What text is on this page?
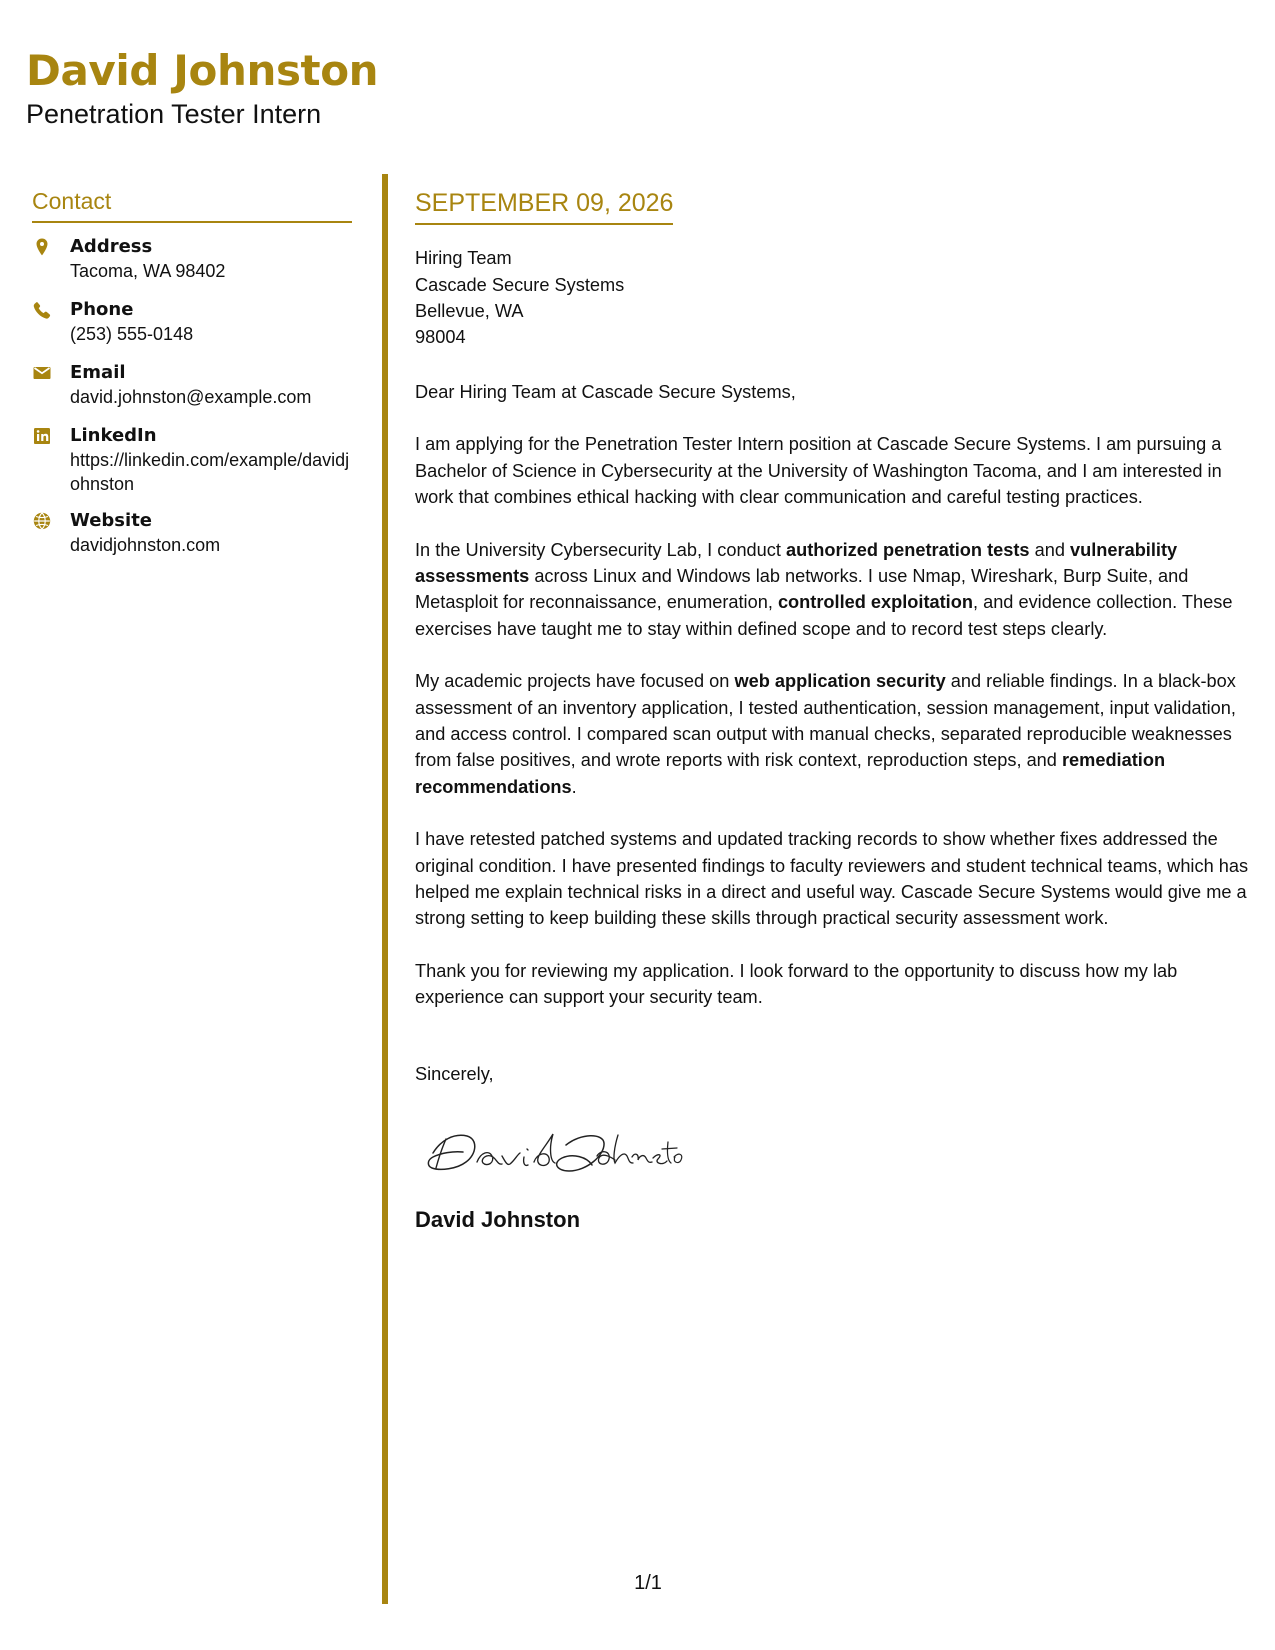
David Johnston
Penetration Tester Intern
Contact
Address
Tacoma, WA 98402
Phone
(253) 555-0148
Email
david.johnston@example.com
LinkedIn
https://linkedin.com/example/davidjohnston
Website
davidjohnston.com
SEPTEMBER 09, 2026
Hiring Team
Cascade Secure Systems
Bellevue, WA
98004

Dear Hiring Team at Cascade Secure Systems,

I am applying for the Penetration Tester Intern position at Cascade Secure Systems. I am pursuing a Bachelor of Science in Cybersecurity at the University of Washington Tacoma, and I am interested in work that combines ethical hacking with clear communication and careful testing practices.

In the University Cybersecurity Lab, I conduct authorized penetration tests and vulnerability assessments across Linux and Windows lab networks. I use Nmap, Wireshark, Burp Suite, and Metasploit for reconnaissance, enumeration, controlled exploitation, and evidence collection. These exercises have taught me to stay within defined scope and to record test steps clearly.

My academic projects have focused on web application security and reliable findings. In a black-box assessment of an inventory application, I tested authentication, session management, input validation, and access control. I compared scan output with manual checks, separated reproducible weaknesses from false positives, and wrote reports with risk context, reproduction steps, and remediation recommendations.

I have retested patched systems and updated tracking records to show whether fixes addressed the original condition. I have presented findings to faculty reviewers and student technical teams, which has helped me explain technical risks in a direct and useful way. Cascade Secure Systems would give me a strong setting to keep building these skills through practical security assessment work.

Thank you for reviewing my application. I look forward to the opportunity to discuss how my lab experience can support your security team.

Sincerely,

David Johnston
1/1
